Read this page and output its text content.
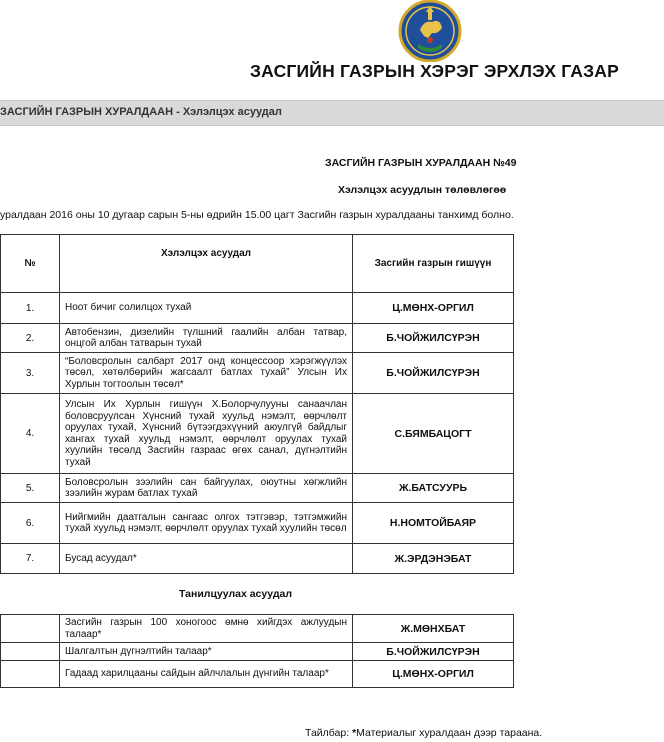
ЗАСГИЙН ГАЗРЫН ХЭРЭГ ЭРХЛЭХ ГАЗАР
ЗАСГИЙН ГАЗРЫН ХУРАЛДААН - Хэлэлцэх асуудал
ЗАСГИЙН ГАЗРЫН ХУРАЛДААН №49
Хэлэлцэх асуудлын төлөвлөгөө
уралдаан 2016 оны 10 дугаар сарын 5-ны өдрийн 15.00 цагт Засгийн газрын хуралдааны танхимд болно.
№	Хэлэлцэх асуудал	Засгийн газрын гишүүн
1.	Ноот бичиг солилцох тухай	Ц.МӨНХ-ОРГИЛ
2.	Автобензин, дизелийн түлшний гаалийн албан татвар, онцгой албан татварын тухай	Б.ЧОЙЖИЛСҮРЭН
3.	“Боловсролын салбарт 2017 онд концессоор хэрэгжүүлэх төсөл, хөтөлбөрийн жагсаалт батлах тухай” Улсын Их Хурлын тогтоолын төсөл*	Б.ЧОЙЖИЛСҮРЭН
4.	Улсын Их Хурлын гишүүн Х.Болорчулууны санаачлан боловсруулсан Хүнсний тухай хуульд нэмэлт, өөрчлөлт оруулах тухай, Хүнсний бүтээгдэхүүний аюулгүй байдлыг хангах тухай хуульд нэмэлт, өөрчлөлт оруулах тухай хуулийн төсөлд Засгийн газраас өгөх санал, дүгнэлтийн тухай	С.БЯМБАЦОГТ
5.	Боловсролын зээлийн сан байгуулах, оюутны хөгжлийн зээлийн журам батлах тухай	Ж.БАТСУУРЬ
6.	Нийгмийн даатгалын сангаас олгох тэтгэвэр, тэтгэмжийн тухай хуульд нэмэлт, өөрчлөлт оруулах тухай хуулийн төсөл	Н.НОМТОЙБАЯР
7.	Бусад асуудал*	Ж.ЭРДЭНЭБАТ
Танилцуулах асуудал
	Засгийн газрын 100 хоногоос өмнө хийгдэх ажлуудын талаар*	Ж.МӨНХБАТ
	Шалгалтын дүгнэлтийн талаар*	Б.ЧОЙЖИЛСҮРЭН
	Гадаад харилцааны сайдын айлчлалын дүнгийн талаар*	Ц.МӨНХ-ОРГИЛ
Тайлбар: *Материалыг хуралдаан дээр тараана.
